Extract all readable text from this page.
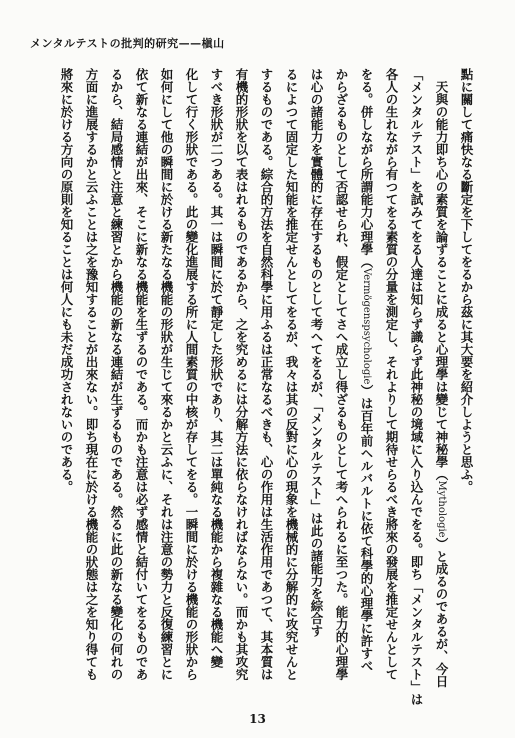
メンタルテストの批判的研究——槇山
點に關して痛快なる斷定を下してをるから茲に其大要を紹介しようと思ふ。
　天與の能力即ち心の素質を論ずることに成ると心理學は變じて神秘學（Mythologie）と成るのであるが、今日
「メンタルテスト」を試みてをる人達は知らず識らず此神秘の境域に入り込んでをる。即ち「メンタルテスト」は
各人の生れながら有つてをる素質の分量を測定し、それよりして期待せらるべき將來の發展を推定せんとして
をる。併しながら所謂能力心理學（Vermögenspsychologie）は百年前ヘルバルトに依て科學的心理學に許すべ
からざるものとして否認せられ、假定としてさへ成立し得ざるものとして考へられるに至つた。能力的心理學
は心の諸能力を實體的に存在するものとして考へてをるが、「メンタルテスト」は此の諸能力を綜合す
るによつて固定した知能を推定せんとしてをるが、我々は其の反對に心の現象を機械的に分解的に攻究せんと
するものである。綜合的方法を自然科學に用ふるは正常なるべきも、心の作用は生活作用であつて、其本質は
有機的形狀を以て表はれるものであるから、之を究めるには分解方法に依らなければならない。而かも其攻究
すべき形狀が二つある。其一は瞬間に於て靜定した形狀であり、其二は單純なる機能から複雜なる機能へ變
化して行く形狀である。此の變化進展する所に人間素質の中核が存してをる。一瞬間に於ける機能の形狀から
如何にして他の瞬間に於ける新たなる機能の形狀が生じて來るかと云ふに、それは注意の勢力と反復練習とに
依て新なる連結が出來、そこに新なる機能を生ずるのである。而かも注意は必ず感情と結付いてをるものであ
るから、結局感情と注意と練習とから機能の新なる連結が生ずるものである。然るに此の新なる變化の何れの
方面に進展するかと云ふことは之を豫知することが出來ない。即ち現在に於ける機能の狀態は之を知り得ても
將來に於ける方向の原則を知ることは何人にも未だ成功されないのである。
13
